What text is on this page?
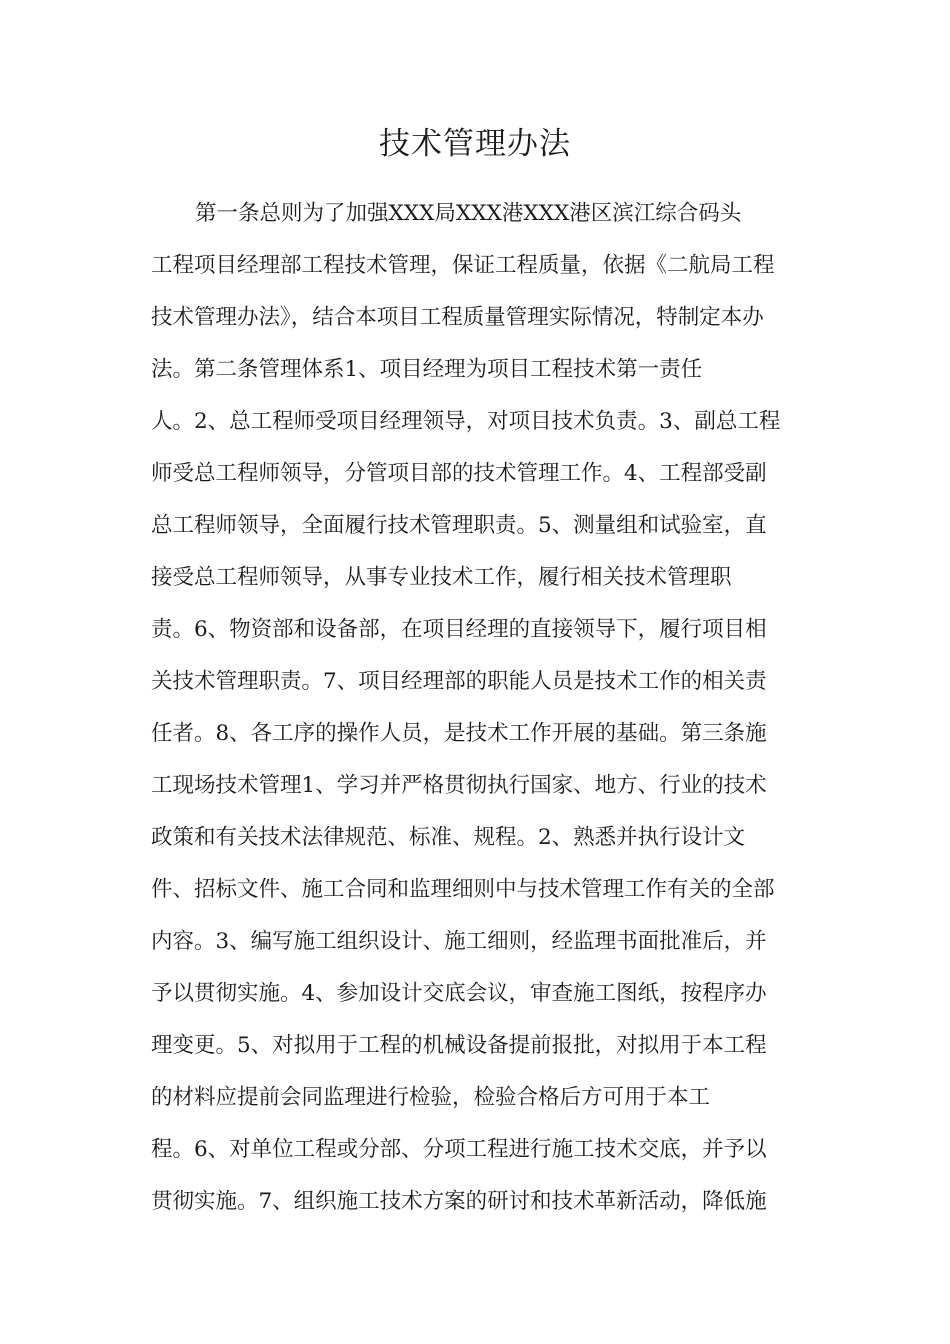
技术管理办法
第一条总则为了加强XXX局XXX港XXX港区滨江综合码头
工程项目经理部工程技术管理，保证工程质量，依据《二航局工程
技术管理办法》，结合本项目工程质量管理实际情况，特制定本办
法。第二条管理体系1、项目经理为项目工程技术第一责任
人。2、总工程师受项目经理领导，对项目技术负责。3、副总工程
师受总工程师领导，分管项目部的技术管理工作。4、工程部受副
总工程师领导，全面履行技术管理职责。5、测量组和试验室，直
接受总工程师领导，从事专业技术工作，履行相关技术管理职
责。6、物资部和设备部，在项目经理的直接领导下，履行项目相
关技术管理职责。7、项目经理部的职能人员是技术工作的相关责
任者。8、各工序的操作人员，是技术工作开展的基础。第三条施
工现场技术管理1、学习并严格贯彻执行国家、地方、行业的技术
政策和有关技术法律规范、标准、规程。2、熟悉并执行设计文
件、招标文件、施工合同和监理细则中与技术管理工作有关的全部
内容。3、编写施工组织设计、施工细则，经监理书面批准后，并
予以贯彻实施。4、参加设计交底会议，审查施工图纸，按程序办
理变更。5、对拟用于工程的机械设备提前报批，对拟用于本工程
的材料应提前会同监理进行检验，检验合格后方可用于本工
程。6、对单位工程或分部、分项工程进行施工技术交底，并予以
贯彻实施。7、组织施工技术方案的研讨和技术革新活动，降低施
